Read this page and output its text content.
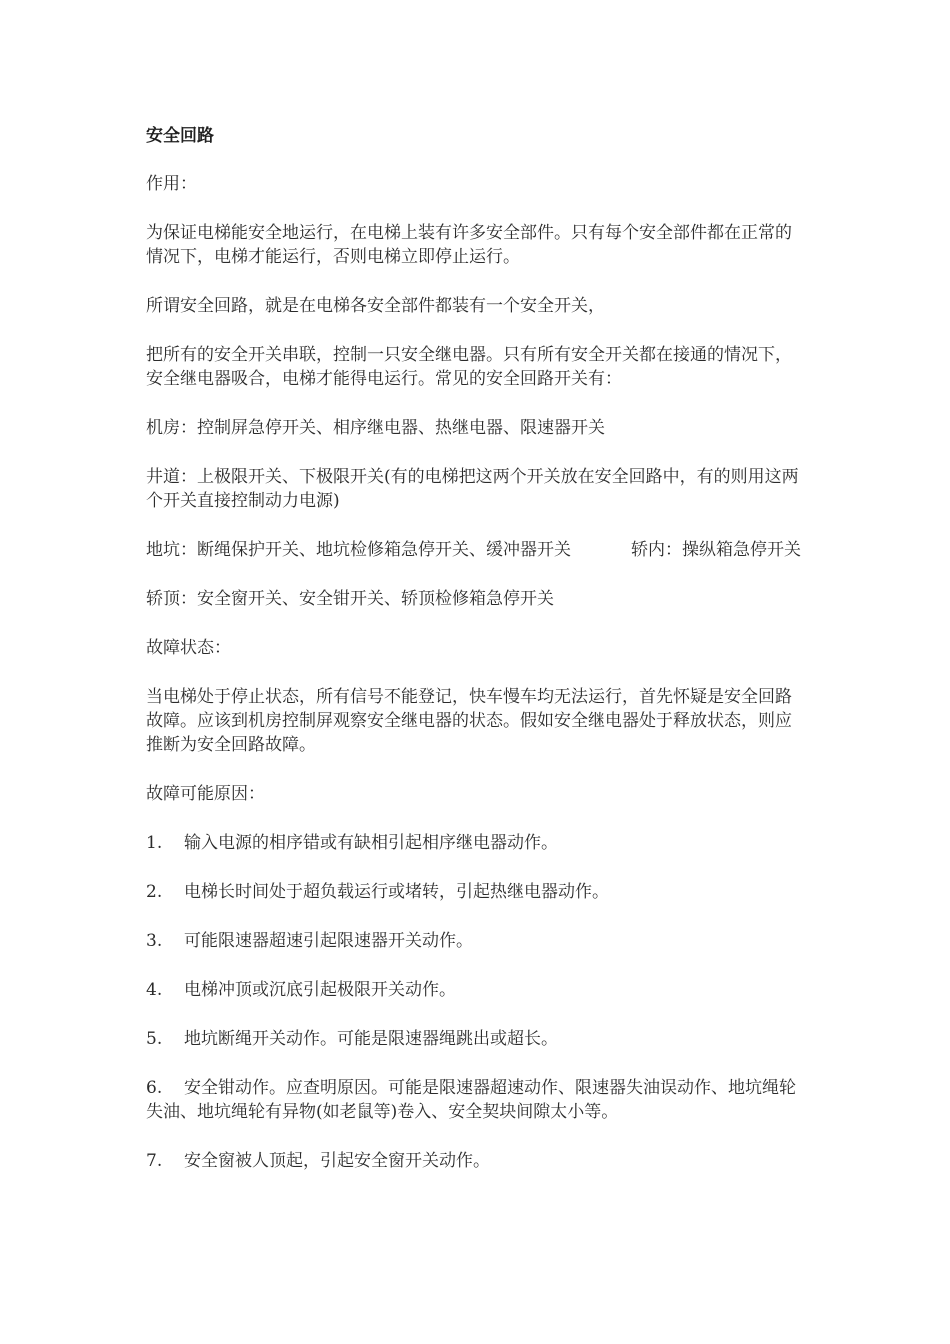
安全回路
作用：
为保证电梯能安全地运行，在电梯上装有许多安全部件。只有每个安全部件都在正常的情况下，电梯才能运行，否则电梯立即停止运行。
所谓安全回路，就是在电梯各安全部件都装有一个安全开关，
把所有的安全开关串联，控制一只安全继电器。只有所有安全开关都在接通的情况下，安全继电器吸合，电梯才能得电运行。常见的安全回路开关有：
机房：控制屏急停开关、相序继电器、热继电器、限速器开关
井道：上极限开关、下极限开关(有的电梯把这两个开关放在安全回路中，有的则用这两个开关直接控制动力电源)
地坑：断绳保护开关、地坑检修箱急停开关、缓冲器开关	轿内：操纵箱急停开关
轿顶：安全窗开关、安全钳开关、轿顶检修箱急停开关
故障状态：
当电梯处于停止状态，所有信号不能登记，快车慢车均无法运行，首先怀疑是安全回路故障。应该到机房控制屏观察安全继电器的状态。假如安全继电器处于释放状态，则应推断为安全回路故障。
故障可能原因：
1. 输入电源的相序错或有缺相引起相序继电器动作。
2. 电梯长时间处于超负载运行或堵转，引起热继电器动作。
3. 可能限速器超速引起限速器开关动作。
4. 电梯冲顶或沉底引起极限开关动作。
5. 地坑断绳开关动作。可能是限速器绳跳出或超长。
6. 安全钳动作。应查明原因。可能是限速器超速动作、限速器失油误动作、地坑绳轮失油、地坑绳轮有异物(如老鼠等)卷入、安全契块间隙太小等。
7. 安全窗被人顶起，引起安全窗开关动作。
